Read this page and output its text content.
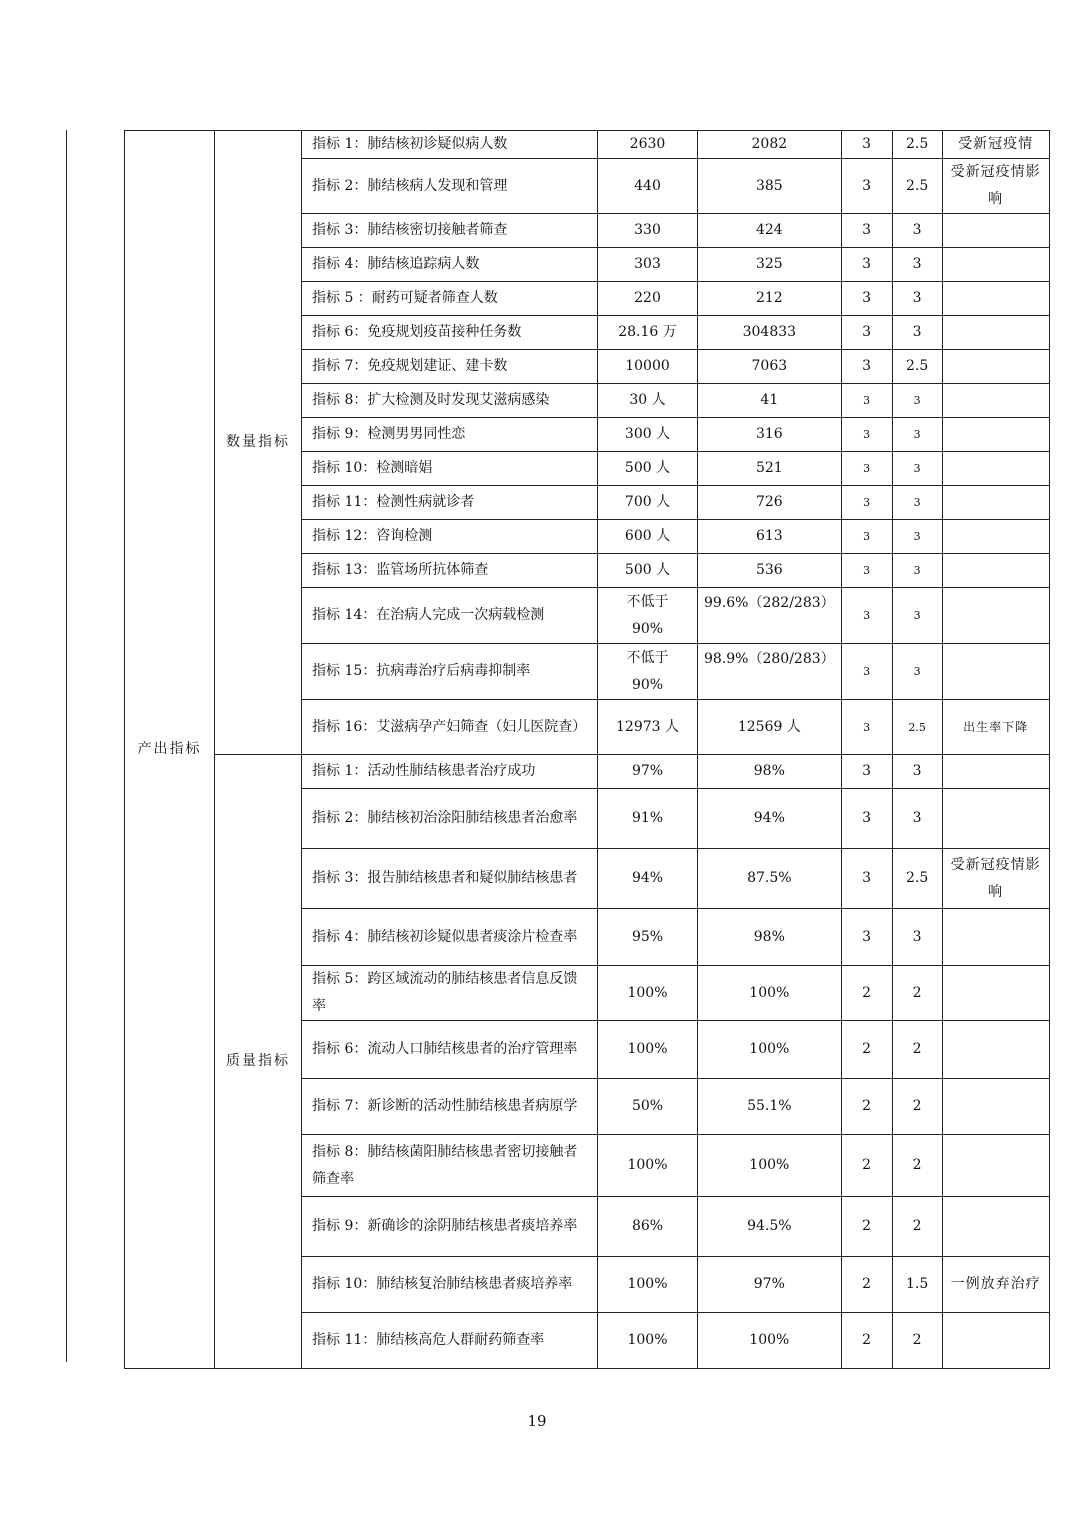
产出指标	数量指标	指标 1：肺结核初诊疑似病人数	2630	2082	3	2.5	受新冠疫情
		指标 2：肺结核病人发现和管理	440	385	3	2.5	受新冠疫情影响
		指标 3：肺结核密切接触者筛查	330	424	3	3	
		指标 4：肺结核追踪病人数	303	325	3	3	
		指标 5 ：耐药可疑者筛查人数	220	212	3	3	
		指标 6：免疫规划疫苗接种任务数	28.16 万	304833	3	3	
		指标 7：免疫规划建证、建卡数	10000	7063	3	2.5	
		指标 8：扩大检测及时发现艾滋病感染	30 人	41	3	3	
		指标 9：检测男男同性恋	300 人	316	3	3	
		指标 10：检测暗娼	500 人	521	3	3	
		指标 11：检测性病就诊者	700 人	726	3	3	
		指标 12：咨询检测	600 人	613	3	3	
		指标 13：监管场所抗体筛查	500 人	536	3	3	
		指标 14：在治病人完成一次病载检测	不低于90%	99.6%（282/283）	3	3	
		指标 15：抗病毒治疗后病毒抑制率	不低于90%	98.9%（280/283）	3	3	
		指标 16：艾滋病孕产妇筛查（妇儿医院查）	12973 人	12569 人	3	2.5	出生率下降
	质量指标	指标 1：活动性肺结核患者治疗成功	97%	98%	3	3	
		指标 2：肺结核初治涂阳肺结核患者治愈率	91%	94%	3	3	
		指标 3：报告肺结核患者和疑似肺结核患者	94%	87.5%	3	2.5	受新冠疫情影响
		指标 4：肺结核初诊疑似患者痰涂片检查率	95%	98%	3	3	
		指标 5：跨区域流动的肺结核患者信息反馈率	100%	100%	2	2	
		指标 6：流动人口肺结核患者的治疗管理率	100%	100%	2	2	
		指标 7：新诊断的活动性肺结核患者病原学	50%	55.1%	2	2	
		指标 8：肺结核菌阳肺结核患者密切接触者筛查率	100%	100%	2	2	
		指标 9：新确诊的涂阴肺结核患者痰培养率	86%	94.5%	2	2	
		指标 10：肺结核复治肺结核患者痰培养率	100%	97%	2	1.5	一例放弃治疗
		指标 11：肺结核高危人群耐药筛查率	100%	100%	2	2	
19
